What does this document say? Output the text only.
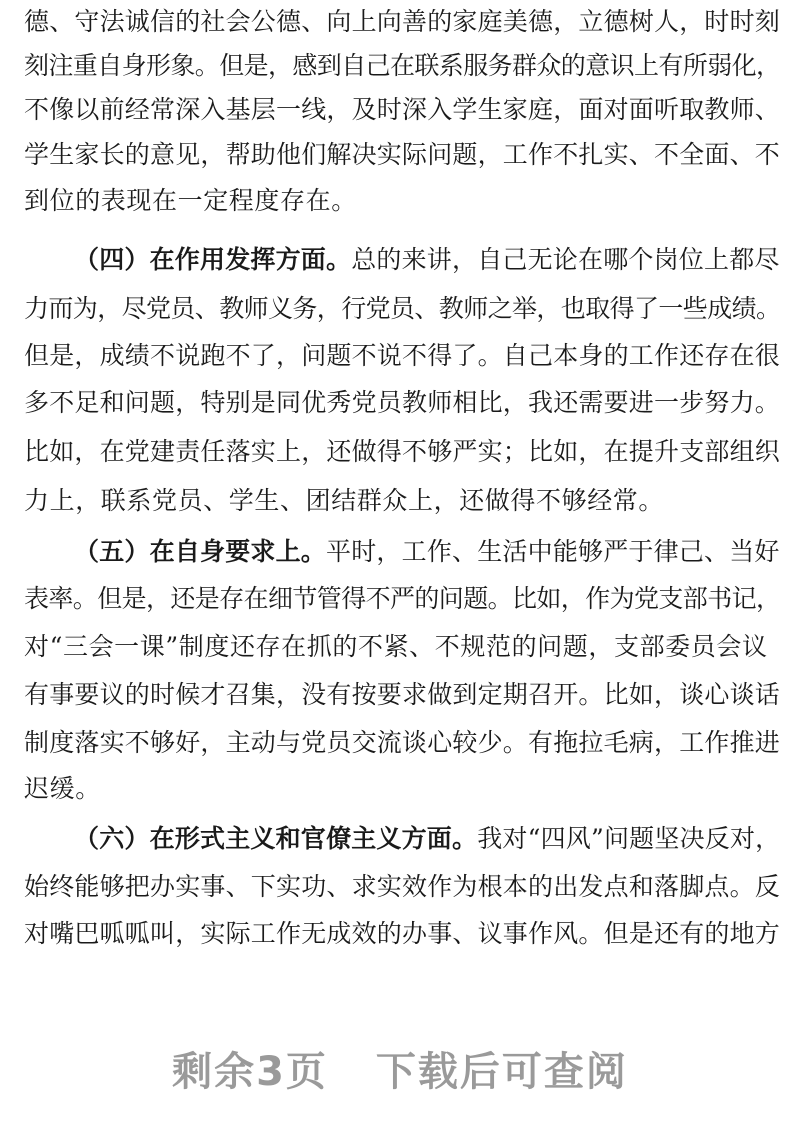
德、守法诚信的社会公德、向上向善的家庭美德，立德树人，时时刻
刻注重自身形象。但是，感到自己在联系服务群众的意识上有所弱化，
不像以前经常深入基层一线，及时深入学生家庭，面对面听取教师、
学生家长的意见，帮助他们解决实际问题，工作不扎实、不全面、不
到位的表现在一定程度存在。
（四）在作用发挥方面。总的来讲，自己无论在哪个岗位上都尽
力而为，尽党员、教师义务，行党员、教师之举，也取得了一些成绩。
但是，成绩不说跑不了，问题不说不得了。自己本身的工作还存在很
多不足和问题，特别是同优秀党员教师相比，我还需要进一步努力。
比如，在党建责任落实上，还做得不够严实；比如，在提升支部组织
力上，联系党员、学生、团结群众上，还做得不够经常。
（五）在自身要求上。平时，工作、生活中能够严于律己、当好
表率。但是，还是存在细节管得不严的问题。比如，作为党支部书记，
对“三会一课”制度还存在抓的不紧、不规范的问题，支部委员会议
有事要议的时候才召集，没有按要求做到定期召开。比如，谈心谈话
制度落实不够好，主动与党员交流谈心较少。有拖拉毛病，工作推进
迟缓。
（六）在形式主义和官僚主义方面。我对“四风”问题坚决反对，
始终能够把办实事、下实功、求实效作为根本的出发点和落脚点。反
对嘴巴呱呱叫，实际工作无成效的办事、议事作风。但是还有的地方
剩余3页 下载后可查阅
